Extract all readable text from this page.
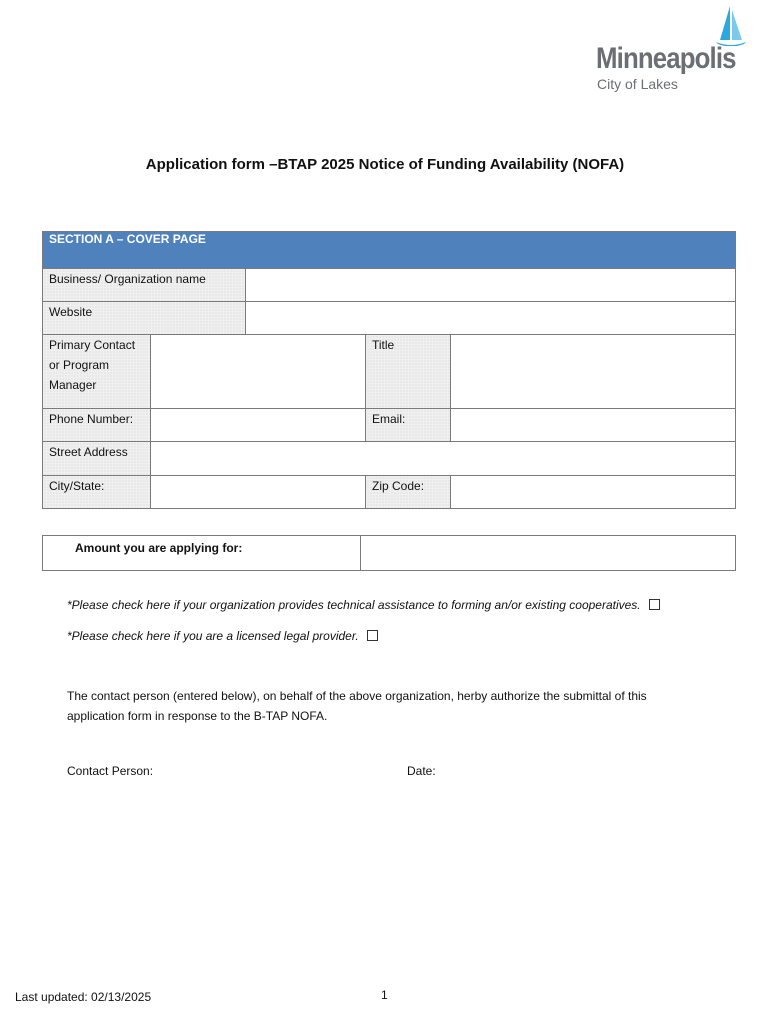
Minneapolis
City of Lakes
Application form –BTAP 2025 Notice of Funding Availability (NOFA)
SECTION A – COVER PAGE				
Business/ Organization name				
Website				
Primary Contact or Program Manager			Title	
Phone Number:			Email:	
Street Address				
City/State:			Zip Code:	
Amount you are applying for:	
*Please check here if your organization provides technical assistance to forming an/or existing cooperatives.
*Please check here if you are a licensed legal provider.
The contact person (entered below), on behalf of the above organization, herby authorize the submittal of this application form in response to the B-TAP NOFA.
Contact Person:	Date:
Last updated: 02/13/2025	1
